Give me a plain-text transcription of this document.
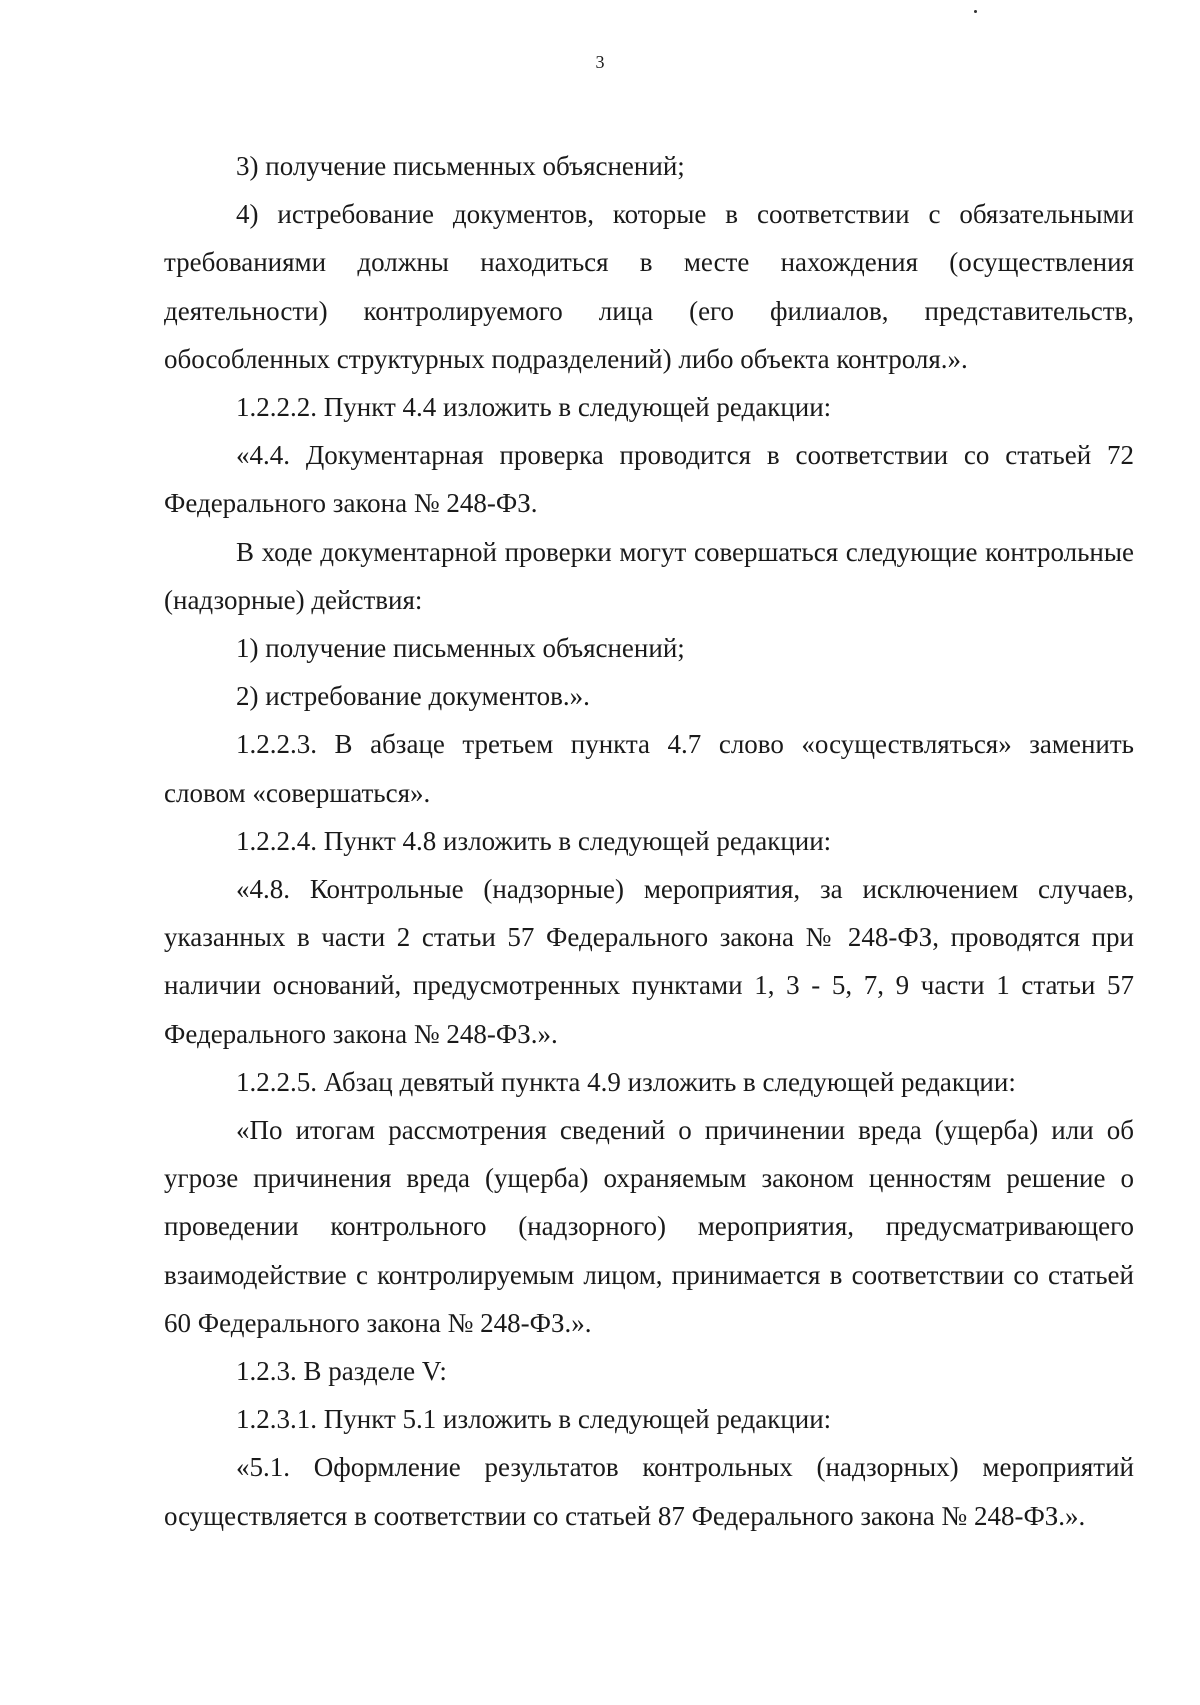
3

3) получение письменных объяснений;

4) истребование документов, которые в соответствии с обязательными требованиями должны находиться в месте нахождения (осуществления деятельности) контролируемого лица (его филиалов, представительств, обособленных структурных подразделений) либо объекта контроля.».

1.2.2.2. Пункт 4.4 изложить в следующей редакции:

«4.4. Документарная проверка проводится в соответствии со статьей 72 Федерального закона № 248-ФЗ.

В ходе документарной проверки могут совершаться следующие контрольные (надзорные) действия:

1) получение письменных объяснений;

2) истребование документов.».

1.2.2.3. В абзаце третьем пункта 4.7 слово «осуществляться» заменить словом «совершаться».

1.2.2.4. Пункт 4.8 изложить в следующей редакции:

«4.8. Контрольные (надзорные) мероприятия, за исключением случаев, указанных в части 2 статьи 57 Федерального закона № 248-ФЗ, проводятся при наличии оснований, предусмотренных пунктами 1, 3 - 5, 7, 9 части 1 статьи 57 Федерального закона № 248-ФЗ.».

1.2.2.5. Абзац девятый пункта 4.9 изложить в следующей редакции:

«По итогам рассмотрения сведений о причинении вреда (ущерба) или об угрозе причинения вреда (ущерба) охраняемым законом ценностям решение о проведении контрольного (надзорного) мероприятия, предусматривающего взаимодействие с контролируемым лицом, принимается в соответствии со статьей 60 Федерального закона № 248-ФЗ.».

1.2.3. В разделе V:

1.2.3.1. Пункт 5.1 изложить в следующей редакции:

«5.1. Оформление результатов контрольных (надзорных) мероприятий осуществляется в соответствии со статьей 87 Федерального закона № 248-ФЗ.».
